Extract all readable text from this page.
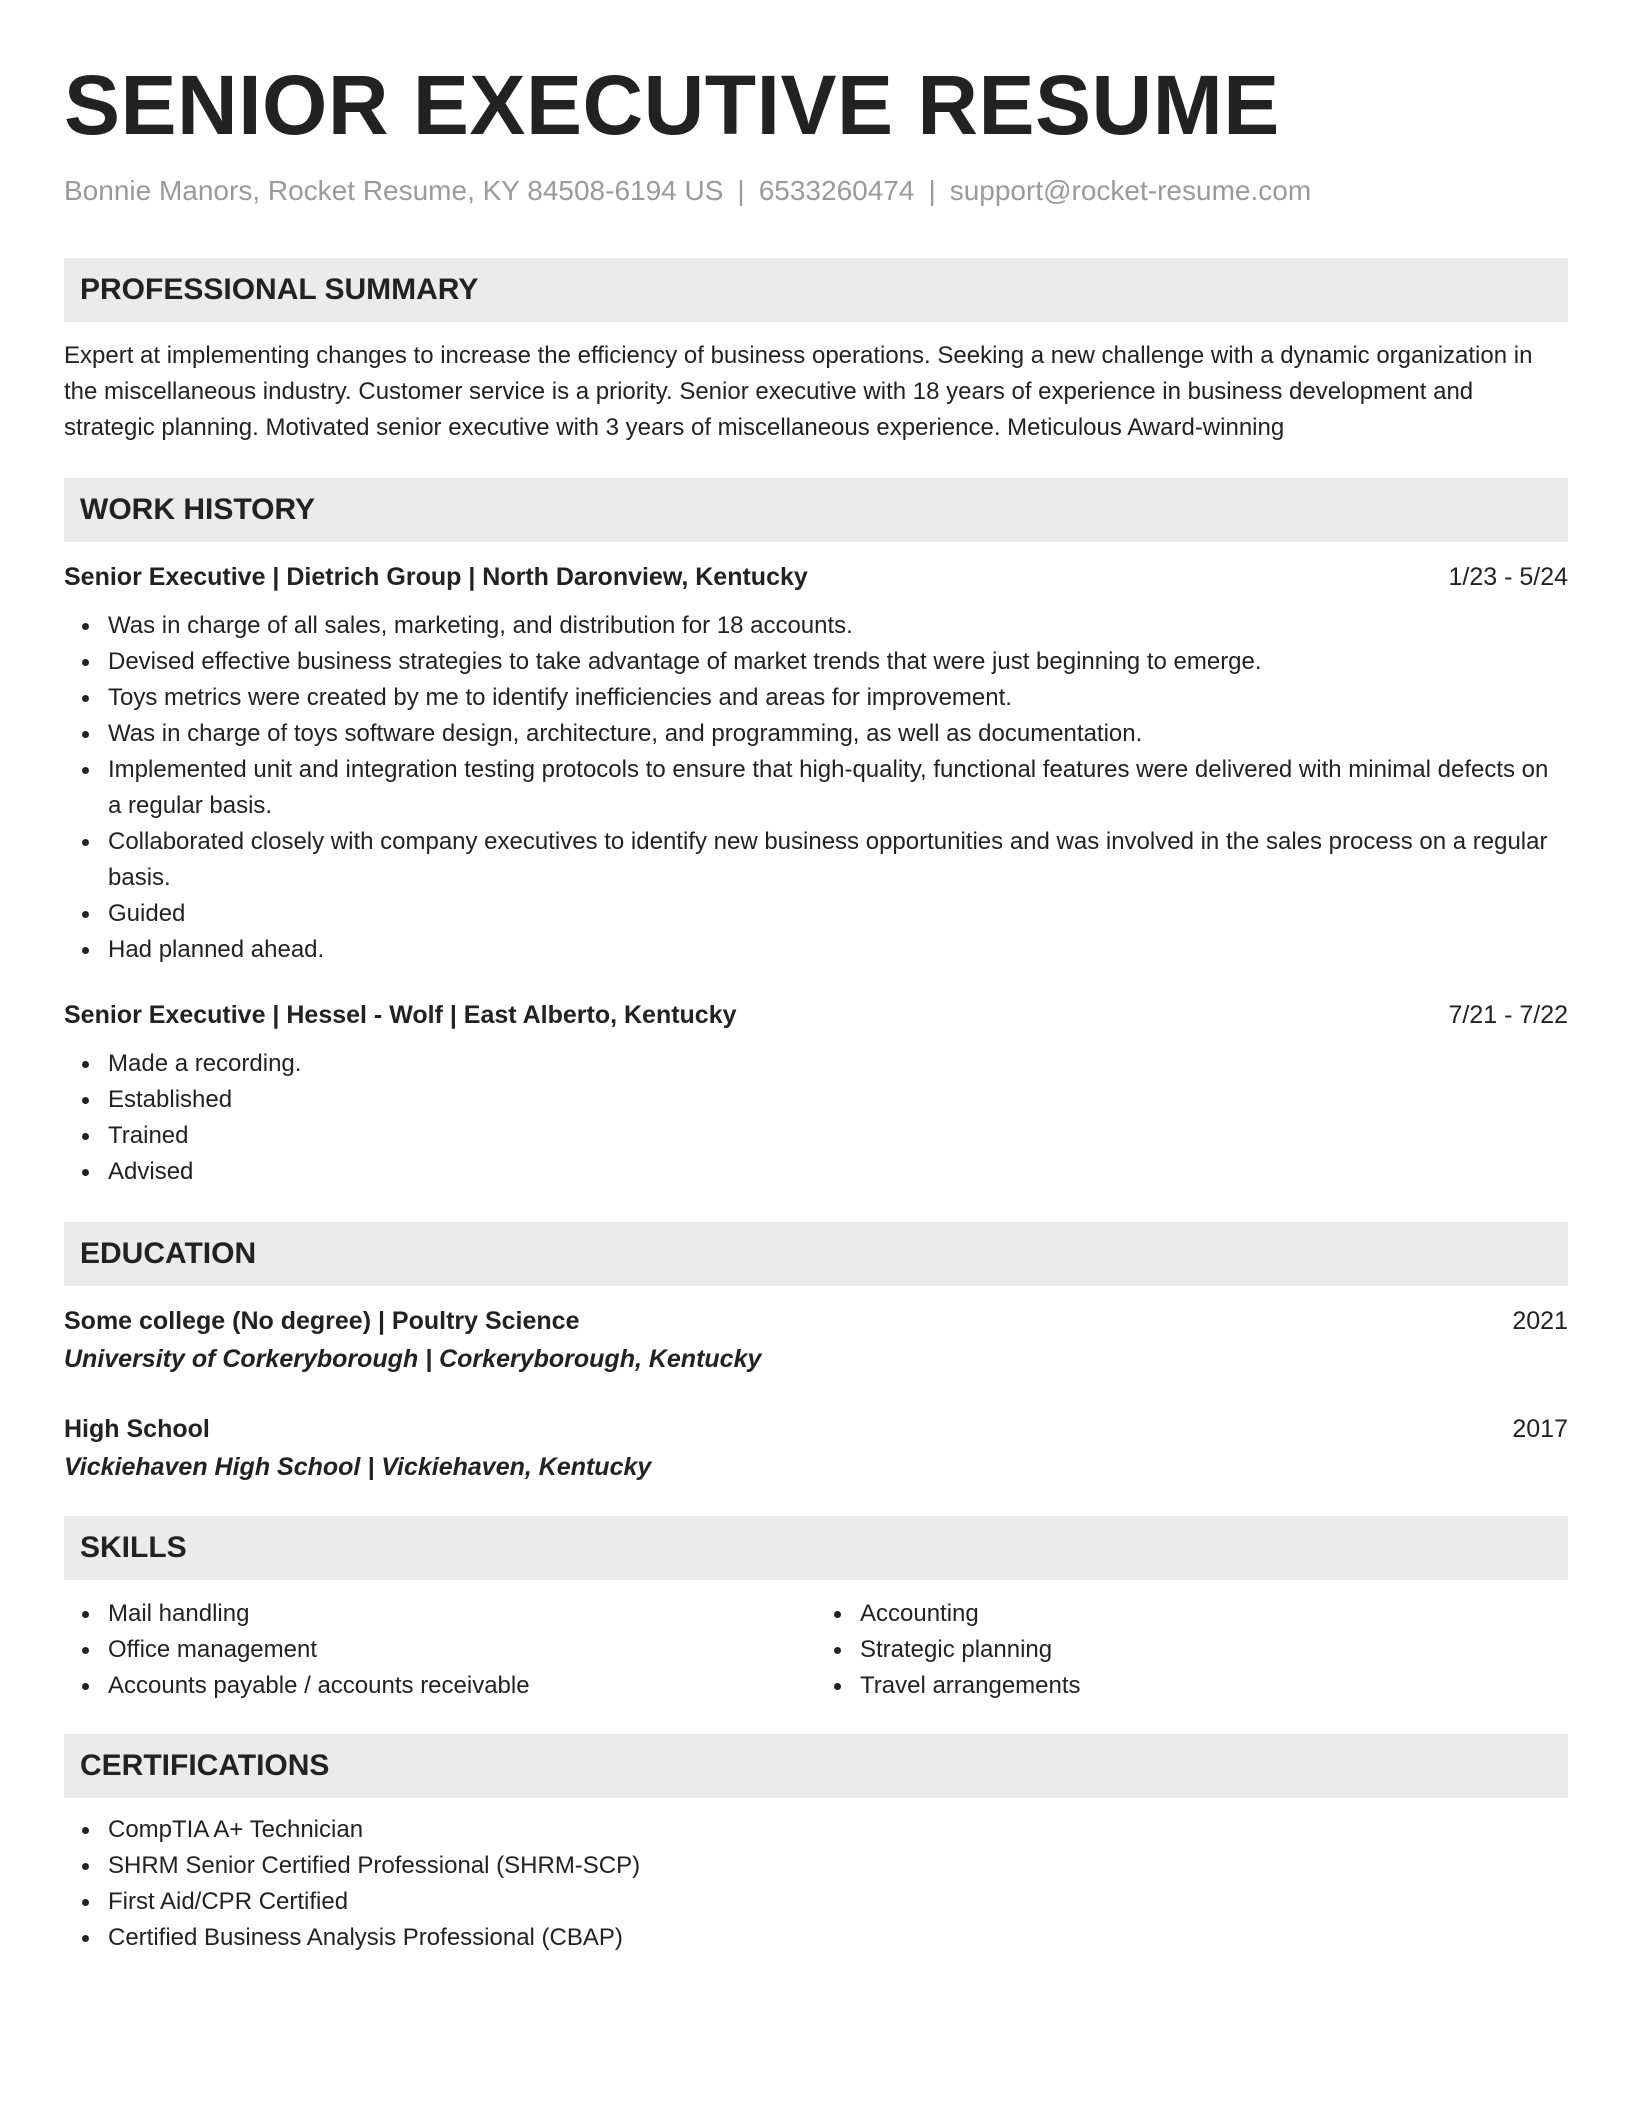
SENIOR EXECUTIVE RESUME
Bonnie Manors, Rocket Resume, KY 84508-6194 US | 6533260474 | support@rocket-resume.com
PROFESSIONAL SUMMARY

Expert at implementing changes to increase the efficiency of business operations. Seeking a new challenge with a dynamic organization in the miscellaneous industry. Customer service is a priority. Senior executive with 18 years of experience in business development and strategic planning. Motivated senior executive with 3 years of miscellaneous experience. Meticulous Award-winning

WORK HISTORY
Senior Executive | Dietrich Group | North Daronview, Kentucky	1/23 - 5/24
Was in charge of all sales, marketing, and distribution for 18 accounts.
Devised effective business strategies to take advantage of market trends that were just beginning to emerge.
Toys metrics were created by me to identify inefficiencies and areas for improvement.
Was in charge of toys software design, architecture, and programming, as well as documentation.
Implemented unit and integration testing protocols to ensure that high-quality, functional features were delivered with minimal defects on a regular basis.
Collaborated closely with company executives to identify new business opportunities and was involved in the sales process on a regular basis.
Guided
Had planned ahead.
Senior Executive | Hessel - Wolf | East Alberto, Kentucky	7/21 - 7/22
Made a recording.
Established
Trained
Advised
EDUCATION
Some college (No degree) | Poultry Science	2021
University of Corkeryborough | Corkeryborough, Kentucky
High School	2017
Vickiehaven High School | Vickiehaven, Kentucky
SKILLS
Mail handling
Office management
Accounts payable / accounts receivable
Accounting
Strategic planning
Travel arrangements
CERTIFICATIONS
CompTIA A+ Technician
SHRM Senior Certified Professional (SHRM-SCP)
First Aid/CPR Certified
Certified Business Analysis Professional (CBAP)
